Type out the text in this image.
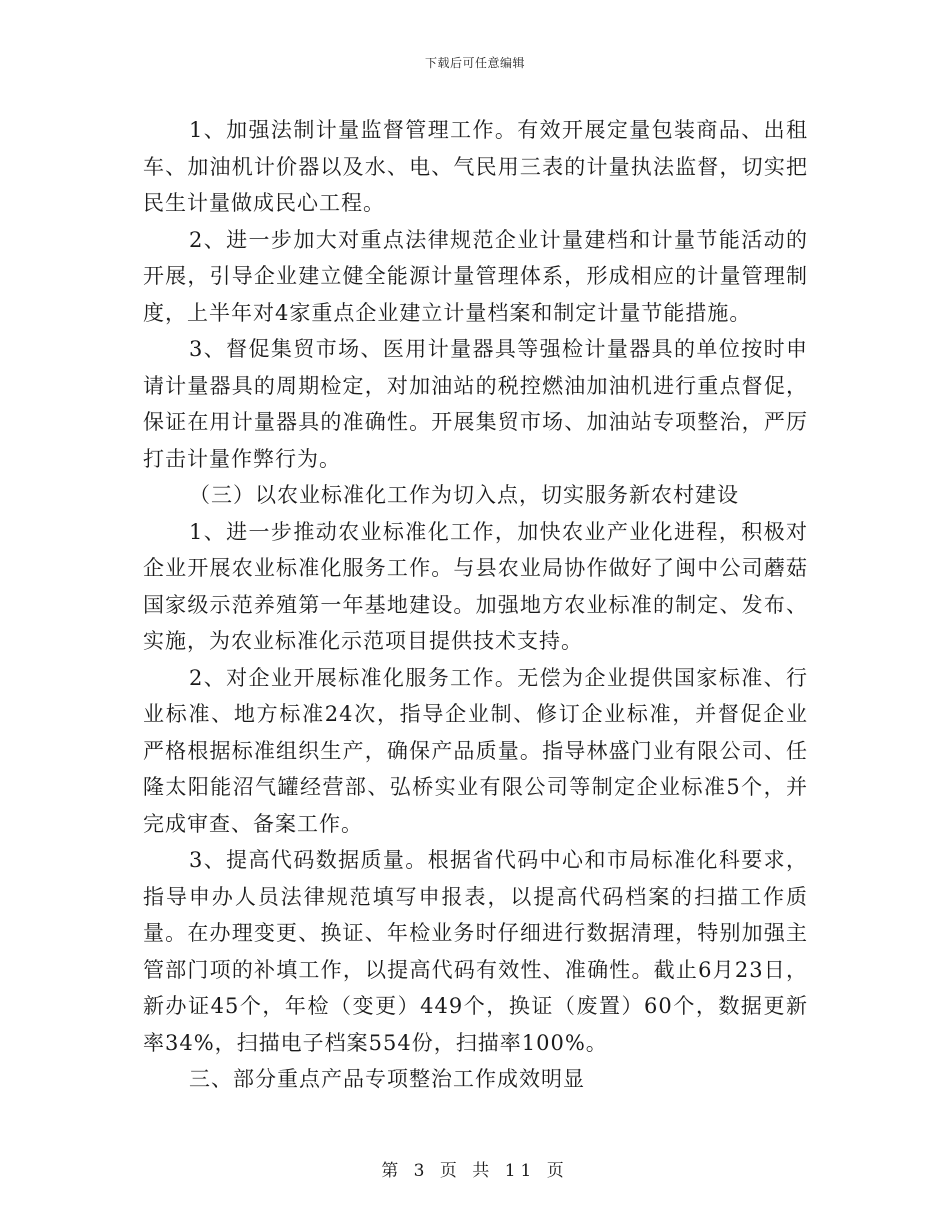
下载后可任意编辑

1、加强法制计量监督管理工作。有效开展定量包装商品、出租车、加油机计价器以及水、电、气民用三表的计量执法监督，切实把民生计量做成民心工程。

2、进一步加大对重点法律规范企业计量建档和计量节能活动的开展，引导企业建立健全能源计量管理体系，形成相应的计量管理制度，上半年对4家重点企业建立计量档案和制定计量节能措施。

3、督促集贸市场、医用计量器具等强检计量器具的单位按时申请计量器具的周期检定，对加油站的税控燃油加油机进行重点督促，保证在用计量器具的准确性。开展集贸市场、加油站专项整治，严厉打击计量作弊行为。

（三）以农业标准化工作为切入点，切实服务新农村建设

1、进一步推动农业标准化工作，加快农业产业化进程，积极对企业开展农业标准化服务工作。与县农业局协作做好了闽中公司蘑菇国家级示范养殖第一年基地建设。加强地方农业标准的制定、发布、实施，为农业标准化示范项目提供技术支持。

2、对企业开展标准化服务工作。无偿为企业提供国家标准、行业标准、地方标准24次，指导企业制、修订企业标准，并督促企业严格根据标准组织生产，确保产品质量。指导林盛门业有限公司、任隆太阳能沼气罐经营部、弘桥实业有限公司等制定企业标准5个，并完成审查、备案工作。

3、提高代码数据质量。根据省代码中心和市局标准化科要求，指导申办人员法律规范填写申报表，以提高代码档案的扫描工作质量。在办理变更、换证、年检业务时仔细进行数据清理，特别加强主管部门项的补填工作，以提高代码有效性、准确性。截止6月23日，新办证45个，年检（变更）449个，换证（废置）60个，数据更新率34%，扫描电子档案554份，扫描率100%。

三、部分重点产品专项整治工作成效明显

第 3 页 共 11 页
